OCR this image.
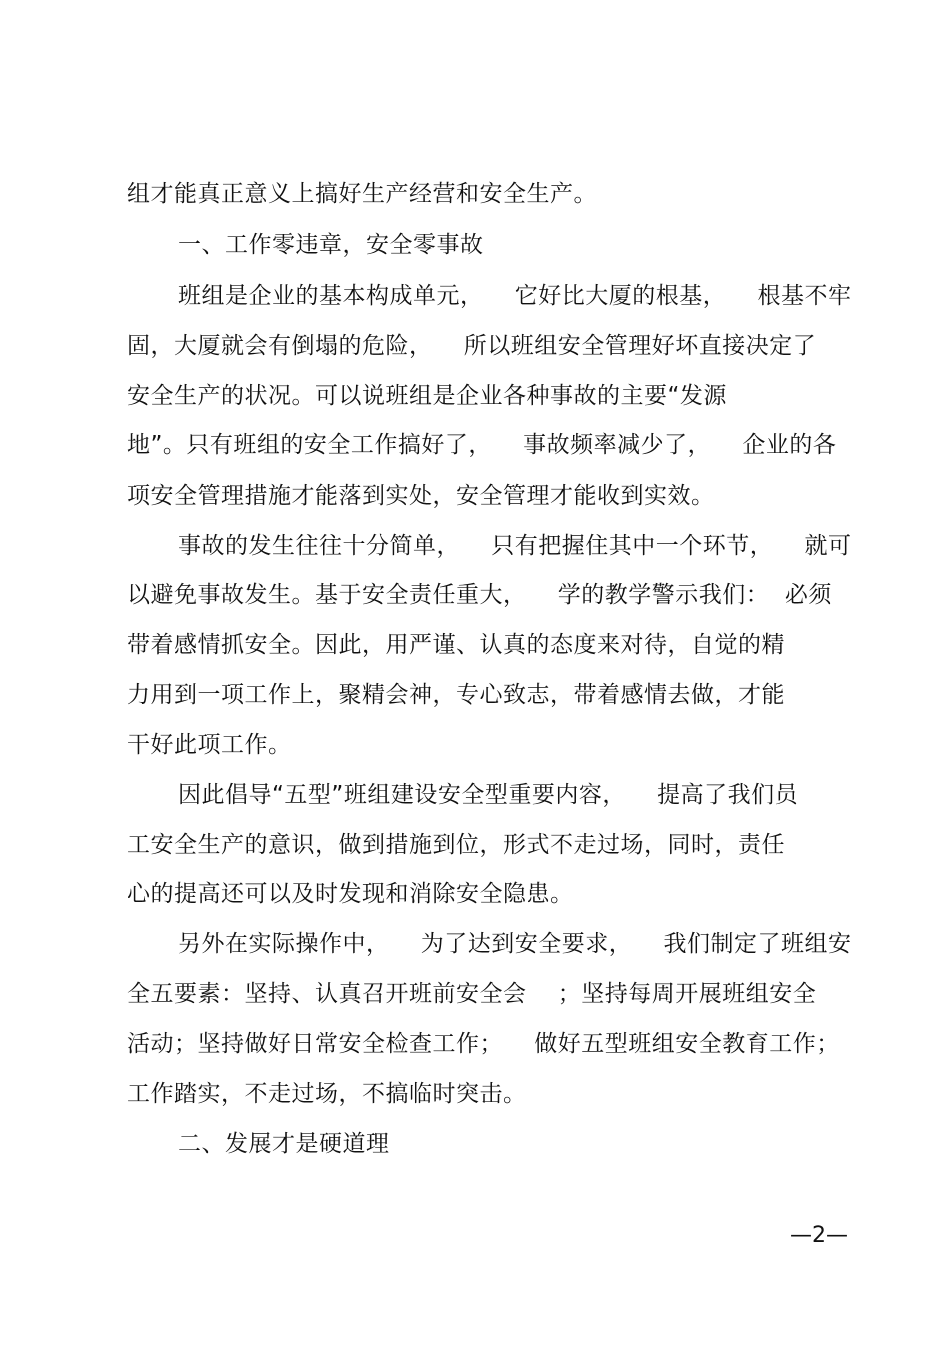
组才能真正意义上搞好生产经营和安全生产。
一、工作零违章，安全零事故
班组是企业的基本构成单元，    它好比大厦的根基，    根基不牢
固，大厦就会有倒塌的危险，    所以班组安全管理好坏直接决定了
安全生产的状况。可以说班组是企业各种事故的主要“发源
地”。只有班组的安全工作搞好了，    事故频率减少了，    企业的各
项安全管理措施才能落到实处，安全管理才能收到实效。
事故的发生往往十分简单，    只有把握住其中一个环节，    就可
以避免事故发生。基于安全责任重大，    学的教学警示我们：  必须
带着感情抓安全。因此，用严谨、认真的态度来对待，自觉的精
力用到一项工作上，聚精会神，专心致志，带着感情去做，才能
干好此项工作。
因此倡导“五型”班组建设安全型重要内容，    提高了我们员
工安全生产的意识，做到措施到位，形式不走过场，同时，责任
心的提高还可以及时发现和消除安全隐患。
另外在实际操作中，    为了达到安全要求，    我们制定了班组安
全五要素：坚持、认真召开班前安全会    ；坚持每周开展班组安全
活动；坚持做好日常安全检查工作；    做好五型班组安全教育工作；
工作踏实，不走过场，不搞临时突击。
二、发展才是硬道理
—2—
